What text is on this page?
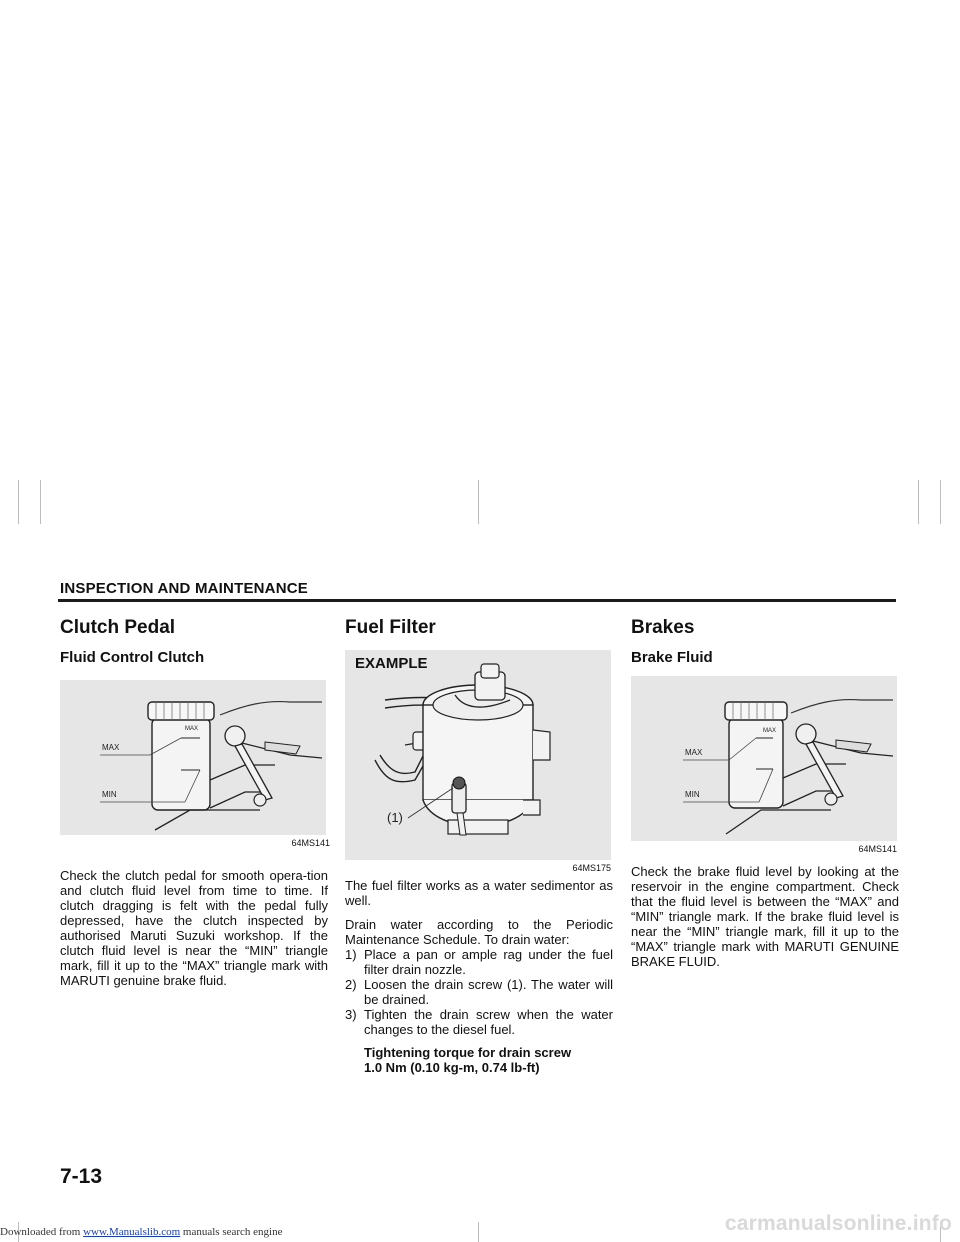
INSPECTION AND MAINTENANCE
Clutch Pedal
Fluid Control Clutch
MAX
MAX
MIN
64MS141

Check the clutch pedal for smooth opera-tion and clutch fluid level from time to time. If clutch dragging is felt with the pedal fully depressed, have the clutch inspected by authorised Maruti Suzuki workshop. If the clutch fluid level is near the “MIN” triangle mark, fill it up to the “MAX” triangle mark with MARUTI genuine brake fluid.

Fuel Filter
EXAMPLE
(1)
64MS175

The fuel filter works as a water sedimentor as well.

Drain water according to the Periodic Maintenance Schedule. To drain water:

1) Place a pan or ample rag under the fuel filter drain nozzle.
2) Loosen the drain screw (1). The water will be drained.
3) Tighten the drain screw when the water changes to the diesel fuel.
Tightening torque for drain screw
1.0 Nm (0.10 kg-m, 0.74 lb-ft)
Brakes
Brake Fluid
MAX
MAX
MIN
64MS141

Check the brake fluid level by looking at the reservoir in the engine compartment. Check that the fluid level is between the “MAX” and “MIN” triangle mark. If the brake fluid level is near the “MIN” triangle mark, fill it up to the “MAX” triangle mark with MARUTI GENUINE BRAKE FLUID.

7-13
Downloaded from www.Manualslib.com manuals search engine	carmanualsonline.info
